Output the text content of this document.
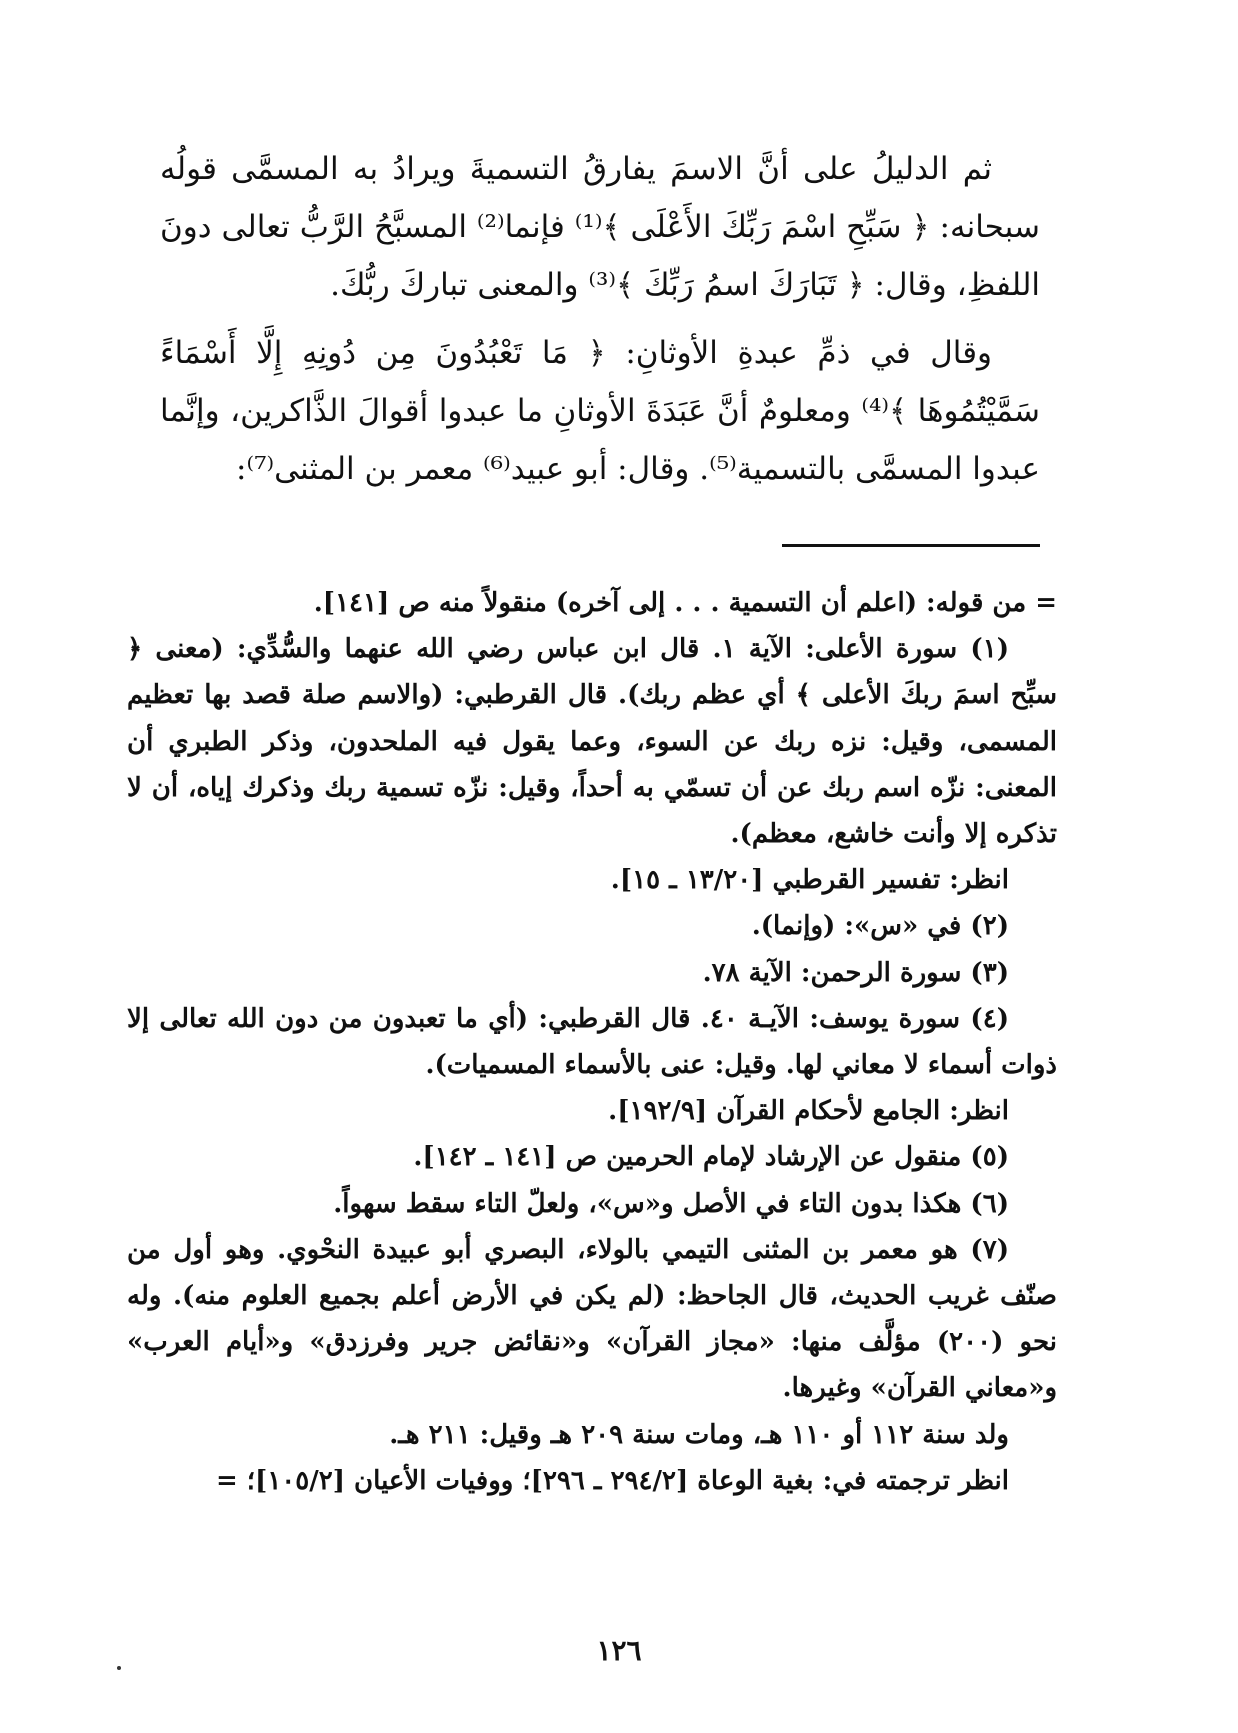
ثم الدليلُ على أنَّ الاسمَ يفارقُ التسميةَ ويرادُ به المسمَّى قولُه سبحانه: ﴿ سَبِّحِ اسْمَ رَبِّكَ الأَعْلَى ﴾⁽¹⁾ فإنما⁽²⁾ المسبَّحُ الرَّبُّ تعالى دونَ اللفظِ، وقال: ﴿ تَبَارَكَ اسمُ رَبِّكَ ﴾⁽³⁾ والمعنى تباركَ ربُّكَ.

وقال في ذمِّ عبدةِ الأوثانِ: ﴿ مَا تَعْبُدُونَ مِن دُونِهِ إِلَّا أَسْمَاءً سَمَّيْتُمُوهَا ﴾⁽⁴⁾ ومعلومٌ أنَّ عَبَدَةَ الأوثانِ ما عبدوا أقوالَ الذَّاكرين، وإنَّما عبدوا المسمَّى بالتسمية⁽⁵⁾. وقال: أبو عبيد⁽⁶⁾ معمر بن المثنى⁽⁷⁾:

= من قوله: (اعلم أن التسمية . . . إلى آخره) منقولاً منه ص [١٤١].

(١) سورة الأعلى: الآية ١. قال ابن عباس رضي الله عنهما والسُّدِّي: (معنى ﴿ سبِّح اسمَ ربكَ الأعلى ﴾ أي عظم ربك). قال القرطبي: (والاسم صلة قصد بها تعظيم المسمى، وقيل: نزه ربك عن السوء، وعما يقول فيه الملحدون، وذكر الطبري أن المعنى: نزّه اسم ربك عن أن تسمّي به أحداً، وقيل: نزّه تسمية ربك وذكرك إياه، أن لا تذكره إلا وأنت خاشع، معظم).

انظر: تفسير القرطبي [١٣/٢٠ ـ ١٥].

(٢) في «س»: (وإنما).

(٣) سورة الرحمن: الآية ٧٨.

(٤) سورة يوسف: الآيـة ٤٠. قال القرطبي: (أي ما تعبدون من دون الله تعالى إلا ذوات أسماء لا معاني لها. وقيل: عنى بالأسماء المسميات).

انظر: الجامع لأحكام القرآن [١٩٢/٩].

(٥) منقول عن الإرشاد لإمام الحرمين ص [١٤١ ـ ١٤٢].

(٦) هكذا بدون التاء في الأصل و«س»، ولعلّ التاء سقط سهواً.

(٧) هو معمر بن المثنى التيمي بالولاء، البصري أبو عبيدة النحْوي. وهو أول من صنّف غريب الحديث، قال الجاحظ: (لم يكن في الأرض أعلم بجميع العلوم منه). وله نحو (٢٠٠) مؤلَّف منها: «مجاز القرآن» و«نقائض جرير وفرزدق» و«أيام العرب» و«معاني القرآن» وغيرها.

ولد سنة ١١٢ أو ١١٠ هـ، ومات سنة ٢٠٩ هـ وقيل: ٢١١ هـ.

انظر ترجمته في: بغية الوعاة [٢٩٤/٢ ـ ٢٩٦]؛ ووفيات الأعيان [١٠٥/٢]؛ =

١٢٦
